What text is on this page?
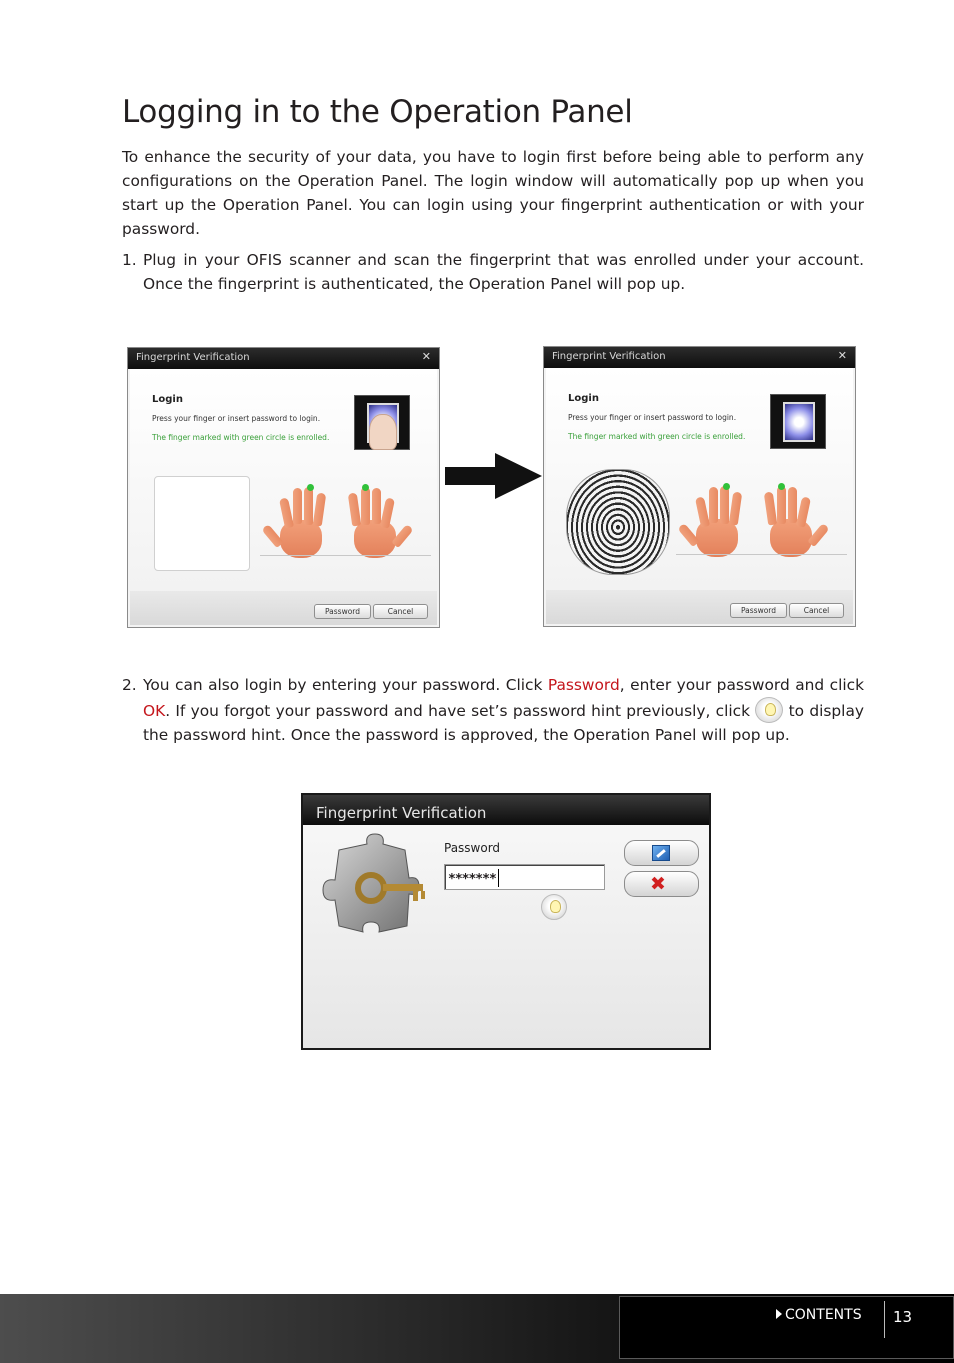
Logging in to the Operation Panel

To enhance the security of your data, you have to login first before being able to perform any configurations on the Operation Panel. The login window will automatically pop up when you start up the Operation Panel. You can login using your fingerprint authentication or with your password.

1. Plug in your OFIS scanner and scan the fingerprint that was enrolled under your account. Once the fingerprint is authenticated, the Operation Panel will pop up.
Fingerprint Verification	✕
Login
Press your finger or insert password to login.
The finger marked with green circle is enrolled.
Password	Cancel
Fingerprint Verification	✕
Login
Press your finger or insert password to login.
The finger marked with green circle is enrolled.
Password	Cancel
2. You can also login by entering your password. Click Password, enter your password and click OK. If you forgot your password and have set’s password hint previously, click  to display the password hint. Once the password is approved, the Operation Panel will pop up.
Fingerprint Verification
Password
*******	✖
CONTENTS 13
